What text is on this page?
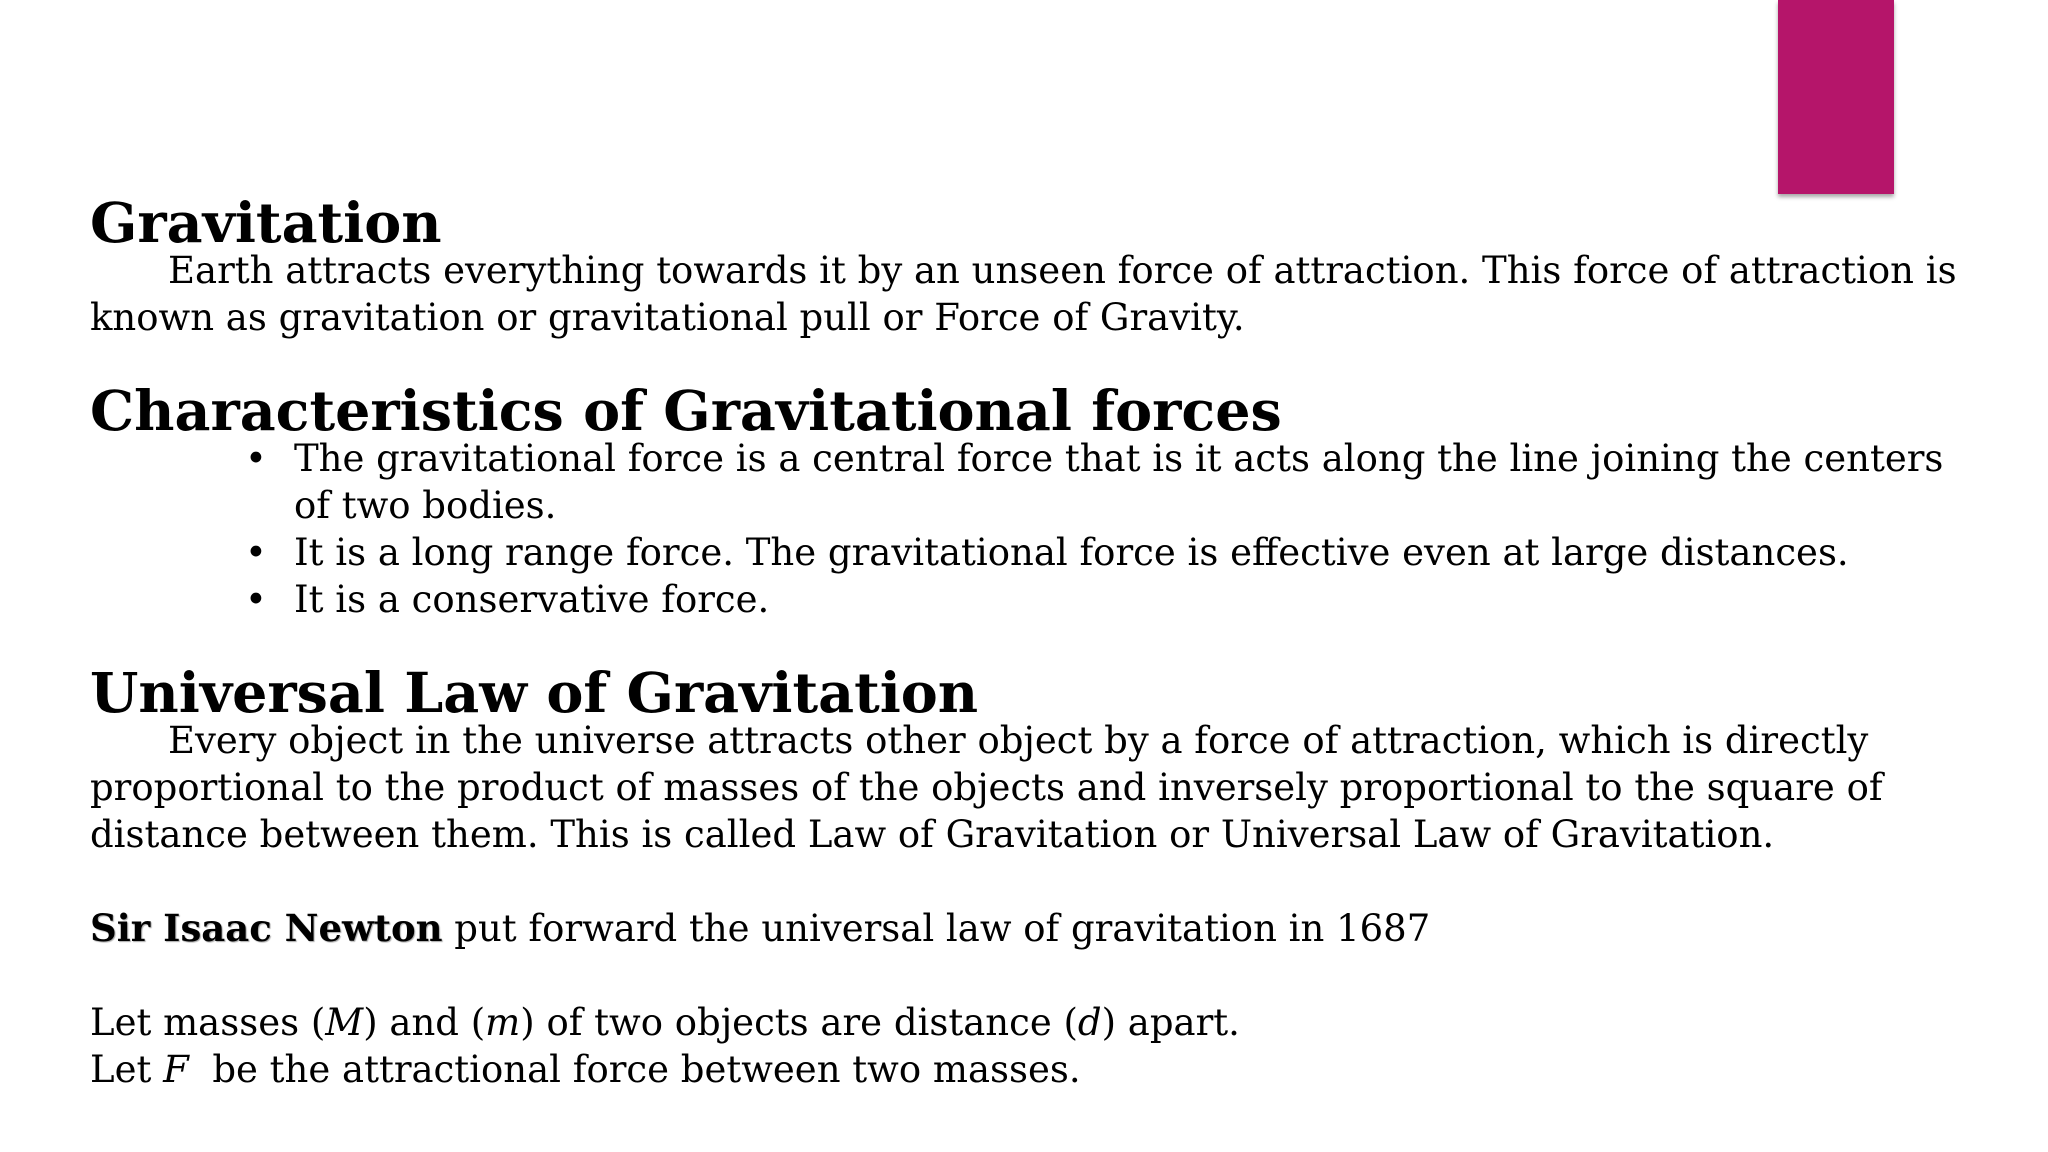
Gravitation

Earth attracts everything towards it by an unseen force of attraction. This force of attraction is known as gravitation or gravitational pull or Force of Gravity.

Characteristics of Gravitational forces
• The gravitational force is a central force that is it acts along the line joining the centers of two bodies.
• It is a long range force. The gravitational force is effective even at large distances.
• It is a conservative force.
Universal Law of Gravitation

Every object in the universe attracts other object by a force of attraction, which is directly proportional to the product of masses of the objects and inversely proportional to the square of distance between them. This is called Law of Gravitation or Universal Law of Gravitation.

Sir Isaac Newton put forward the universal law of gravitation in 1687

Let masses (M) and (m) of two objects are distance (d) apart.

Let F  be the attractional force between two masses.
